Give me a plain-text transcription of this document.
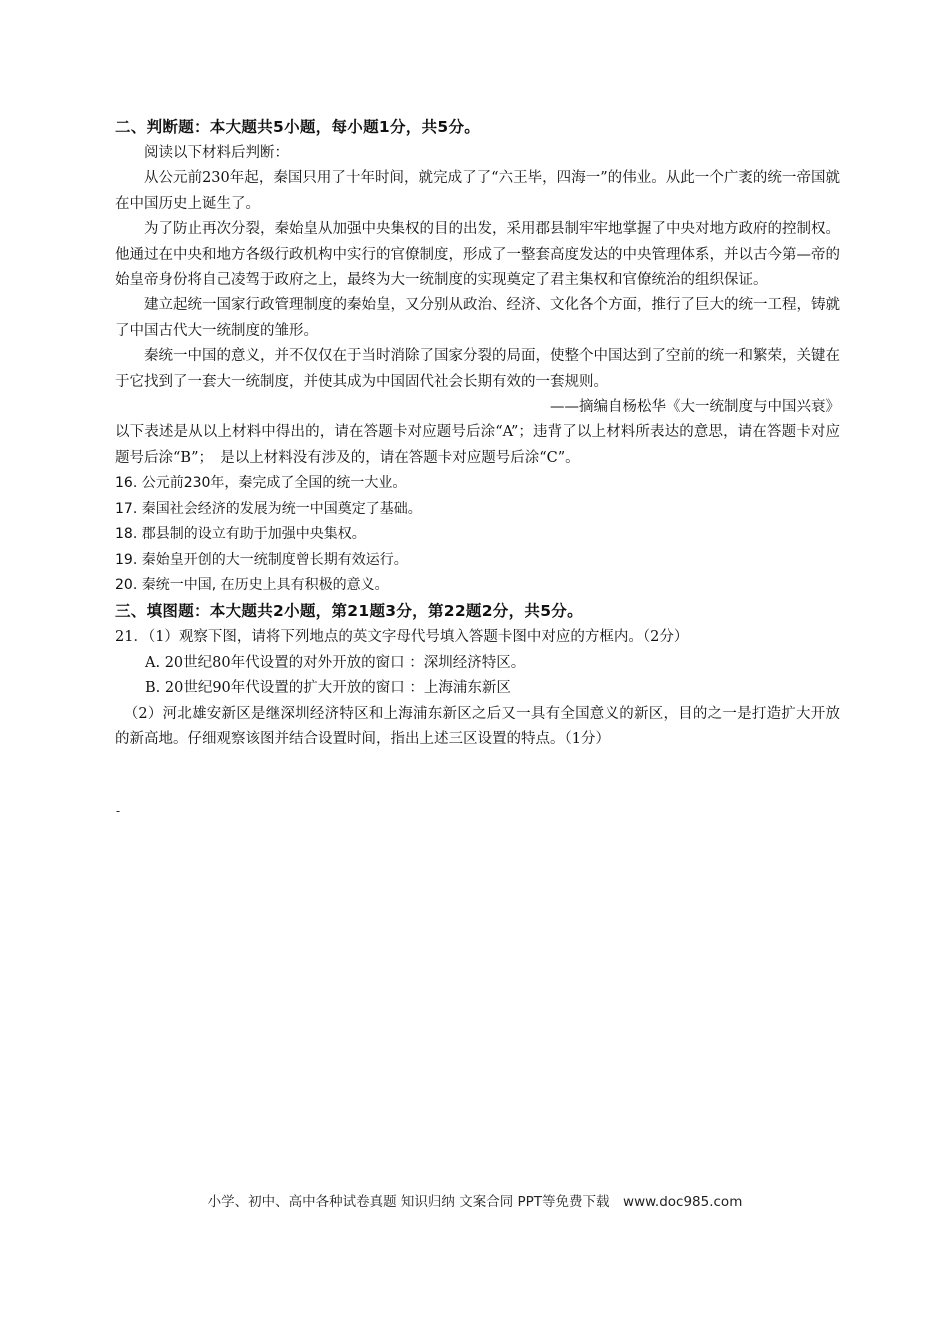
二、判断题：本大题共5小题，每小题1分，共5分。

阅读以下材料后判断：

从公元前230年起，秦国只用了十年时间，就完成了了“六王毕，四海一”的伟业。从此一个广袤的统一帝国就在中国历史上诞生了。

为了防止再次分裂，秦始皇从加强中央集权的目的出发，采用郡县制牢牢地掌握了中央对地方政府的控制权。他通过在中央和地方各级行政机构中实行的官僚制度，形成了一整套高度发达的中央管理体系，并以古今第—帝的始皇帝身份将自己凌驾于政府之上，最终为大一统制度的实现奠定了君主集权和官僚统治的组织保证。

建立起统一国家行政管理制度的秦始皇，又分别从政治、经济、文化各个方面，推行了巨大的统一工程，铸就了中国古代大一统制度的雏形。

秦统一中国的意义，并不仅仅在于当时消除了国家分裂的局面，使整个中国达到了空前的统一和繁荣，关键在于它找到了一套大一统制度，并使其成为中国固代社会长期有效的一套规则。

——摘编自杨松华《大一统制度与中国兴衰》

以下表述是从以上材料中得出的，请在答题卡对应题号后涂“A”；违背了以上材料所表达的意思，请在答题卡对应题号后涂“B”；　是以上材料没有涉及的，请在答题卡对应题号后涂“C”。

16. 公元前230年，秦完成了全国的统一大业。

17. 秦国社会经济的发展为统一中国奠定了基础。

18. 郡县制的设立有助于加强中央集权。

19. 秦始皇开创的大一统制度曾长期有效运行。

20. 秦统一中国, 在历史上具有积极的意义。

三、填图题：本大题共2小题，第21题3分，第22题2分，共5分。

21．（1）观察下图，请将下列地点的英文字母代号填入答题卡图中对应的方框内。（2分）

A. 20世纪80年代设置的对外开放的窗口 ：深圳经济特区。

B. 20世纪90年代设置的扩大开放的窗口 ：上海浦东新区

（2）河北雄安新区是继深圳经济特区和上海浦东新区之后又一具有全国意义的新区，目的之一是打造扩大开放的新高地。仔细观察该图并结合设置时间，指出上述三区设置的特点。（1分）

-
小学、初中、高中各种试卷真题 知识归纳 文案合同 PPT等免费下载　www.doc985.com
